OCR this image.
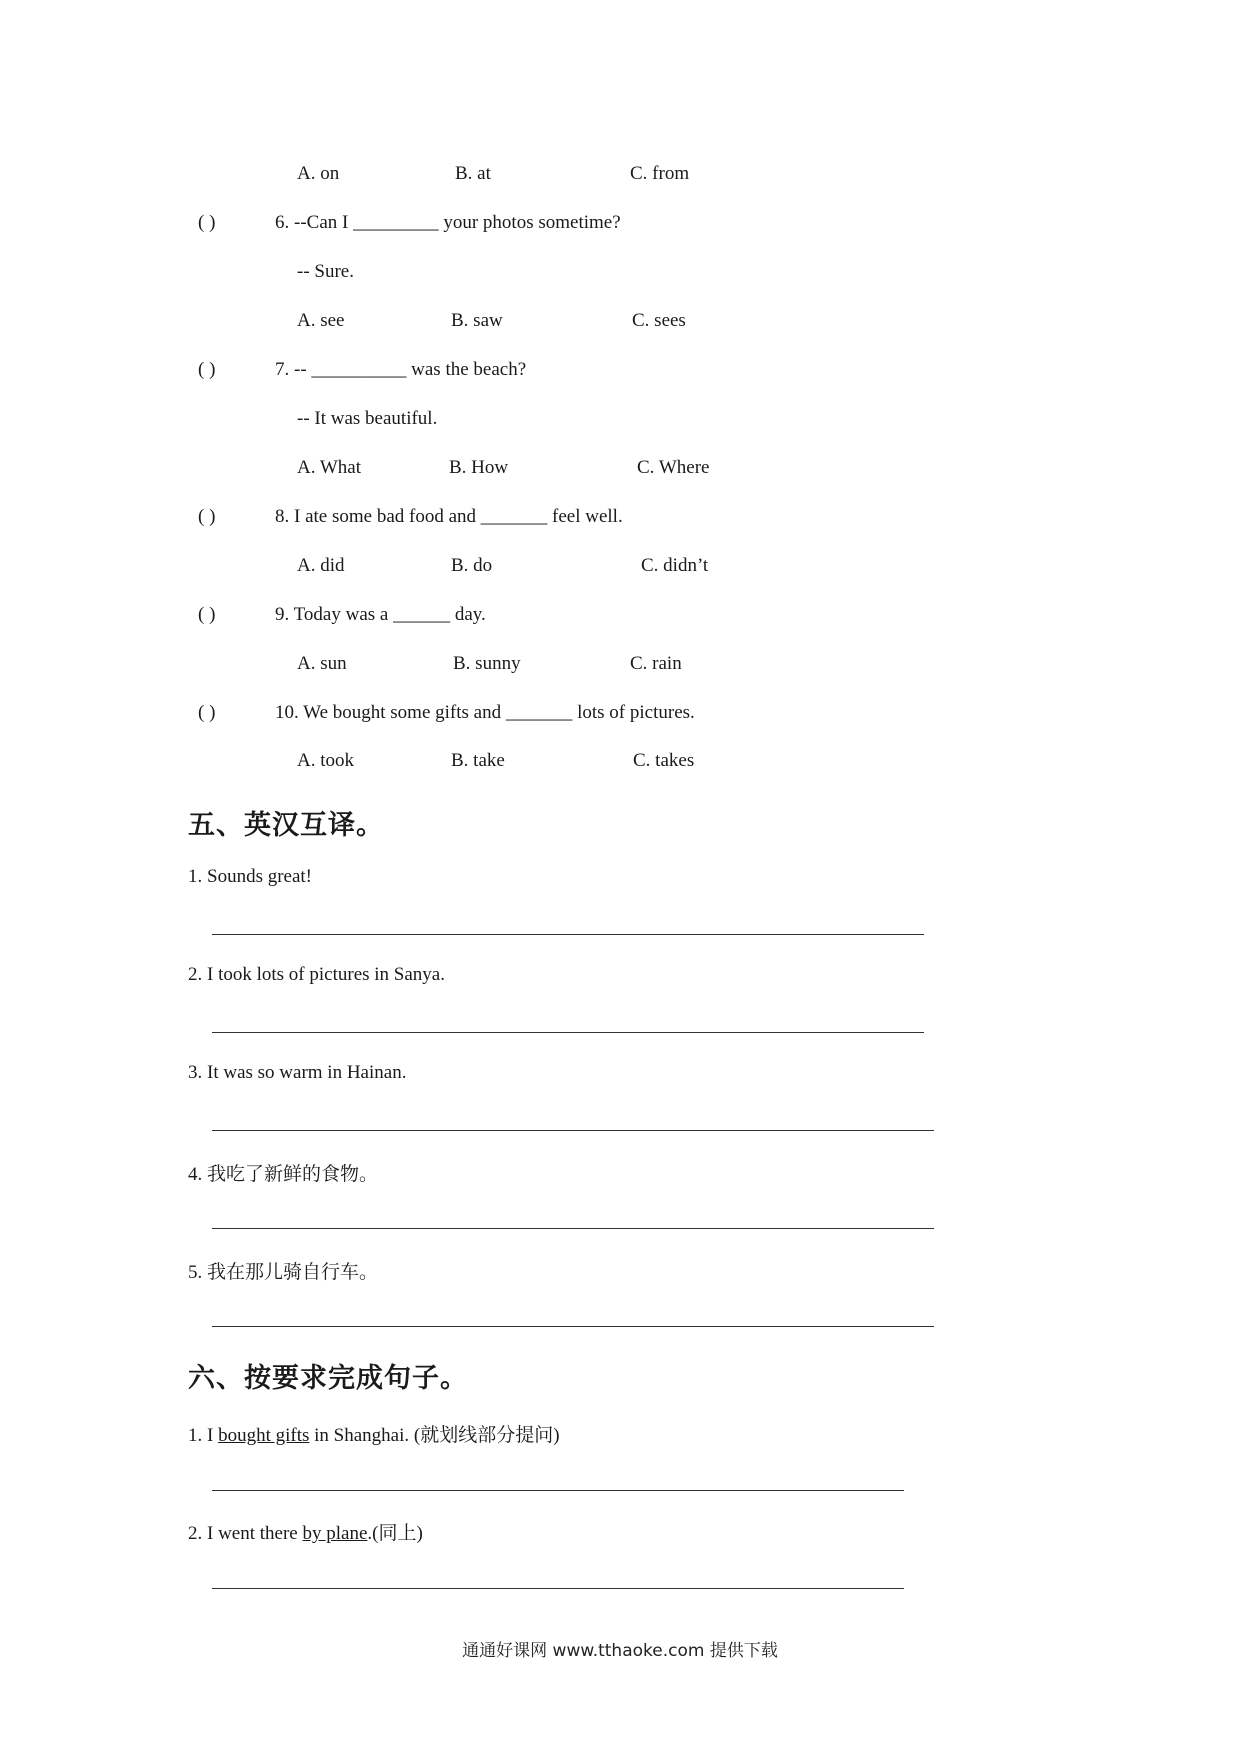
A. on	B. at	C. from
( )	6. --Can I _________ your photos sometime?
-- Sure.
A. see	B. saw	C. sees
( )	7. -- __________ was the beach?
-- It was beautiful.
A. What	B. How	C. Where
( )	8. I ate some bad food and _______ feel well.
A. did	B. do	C. didn’t
( )	9. Today was a ______ day.
A. sun	B. sunny	C. rain
( )	10. We bought some gifts and _______ lots of pictures.
A. took	B. take	C. takes
五、英汉互译。
1. Sounds great!
2. I took lots of pictures in Sanya.
3. It was so warm in Hainan.
4. 我吃了新鲜的食物。
5. 我在那儿骑自行车。
六、按要求完成句子。
1. I bought gifts in Shanghai. (就划线部分提问)
2. I went there by plane.(同上)
通通好课网 www.tthaoke.com 提供下载
